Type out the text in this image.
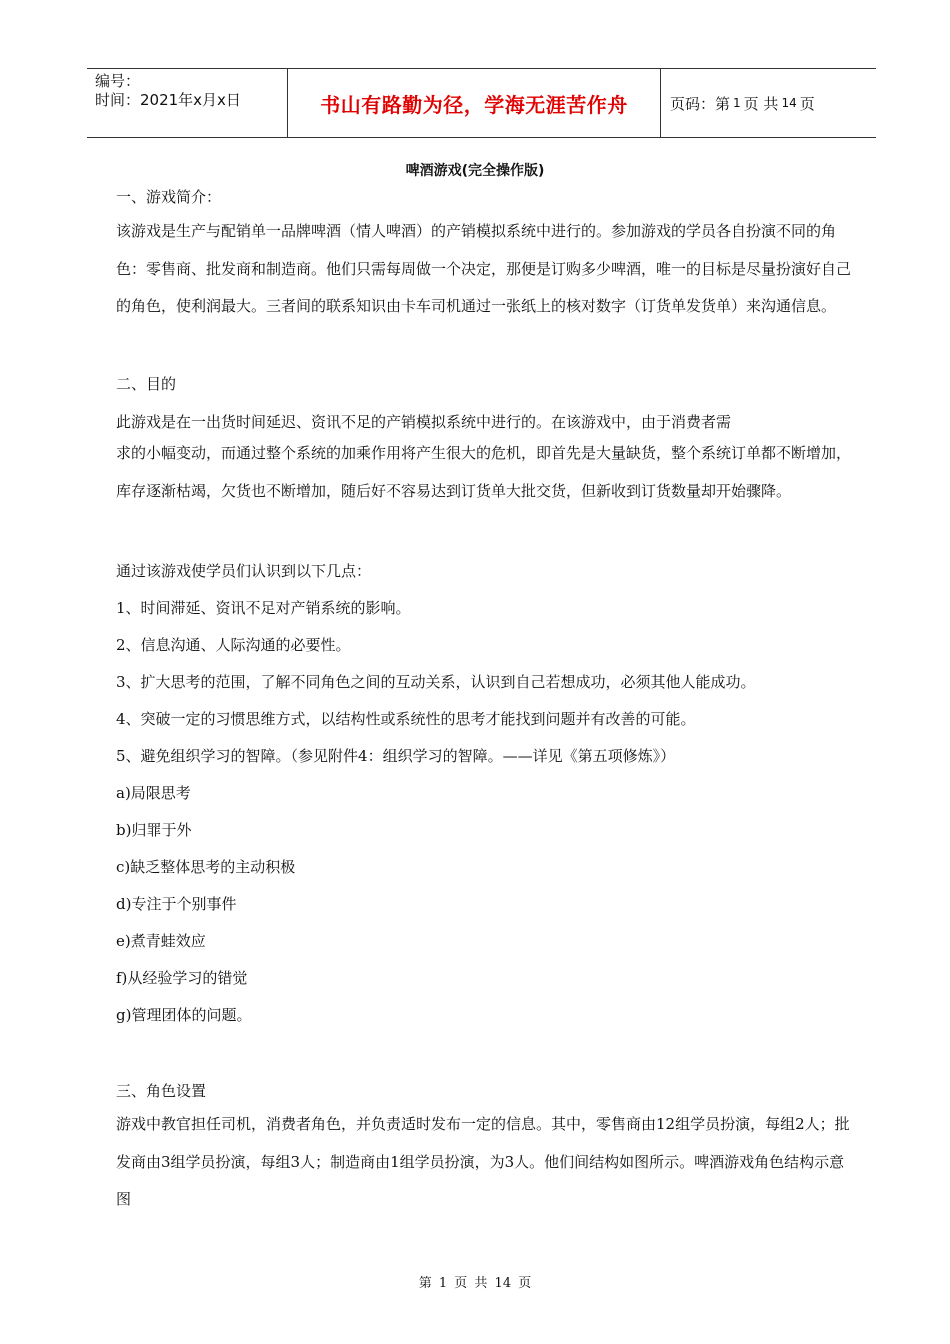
编号：
时间：2021年x月x日	书山有路勤为径，学海无涯苦作舟	页码：第 1 页 共 14 页
啤酒游戏(完全操作版)

一、游戏简介：

该游戏是生产与配销单一品牌啤酒（情人啤酒）的产销模拟系统中进行的。参加游戏的学员各自扮演不同的角色：零售商、批发商和制造商。他们只需每周做一个决定，那便是订购多少啤酒，唯一的目标是尽量扮演好自己的角色，使利润最大。三者间的联系知识由卡车司机通过一张纸上的核对数字（订货单发货单）来沟通信息。

二、目的

此游戏是在一出货时间延迟、资讯不足的产销模拟系统中进行的。在该游戏中，由于消费者需

求的小幅变动，而通过整个系统的加乘作用将产生很大的危机，即首先是大量缺货，整个系统订单都不断增加，库存逐渐枯竭，欠货也不断增加，随后好不容易达到订货单大批交货，但新收到订货数量却开始骤降。

通过该游戏使学员们认识到以下几点：

1、时间滞延、资讯不足对产销系统的影响。

2、信息沟通、人际沟通的必要性。

3、扩大思考的范围，了解不同角色之间的互动关系，认识到自己若想成功，必须其他人能成功。

4、突破一定的习惯思维方式，以结构性或系统性的思考才能找到问题并有改善的可能。

5、避免组织学习的智障。（参见附件4：组织学习的智障。——详见《第五项修炼》）

a)局限思考

b)归罪于外

c)缺乏整体思考的主动积极

d)专注于个别事件

e)煮青蛙效应

f)从经验学习的错觉

g)管理团体的问题。

三、角色设置

游戏中教官担任司机，消费者角色，并负责适时发布一定的信息。其中，零售商由12组学员扮演，每组2人；批发商由3组学员扮演，每组3人；制造商由1组学员扮演，为3人。他们间结构如图所示。啤酒游戏角色结构示意图

第 1 页 共 14 页
